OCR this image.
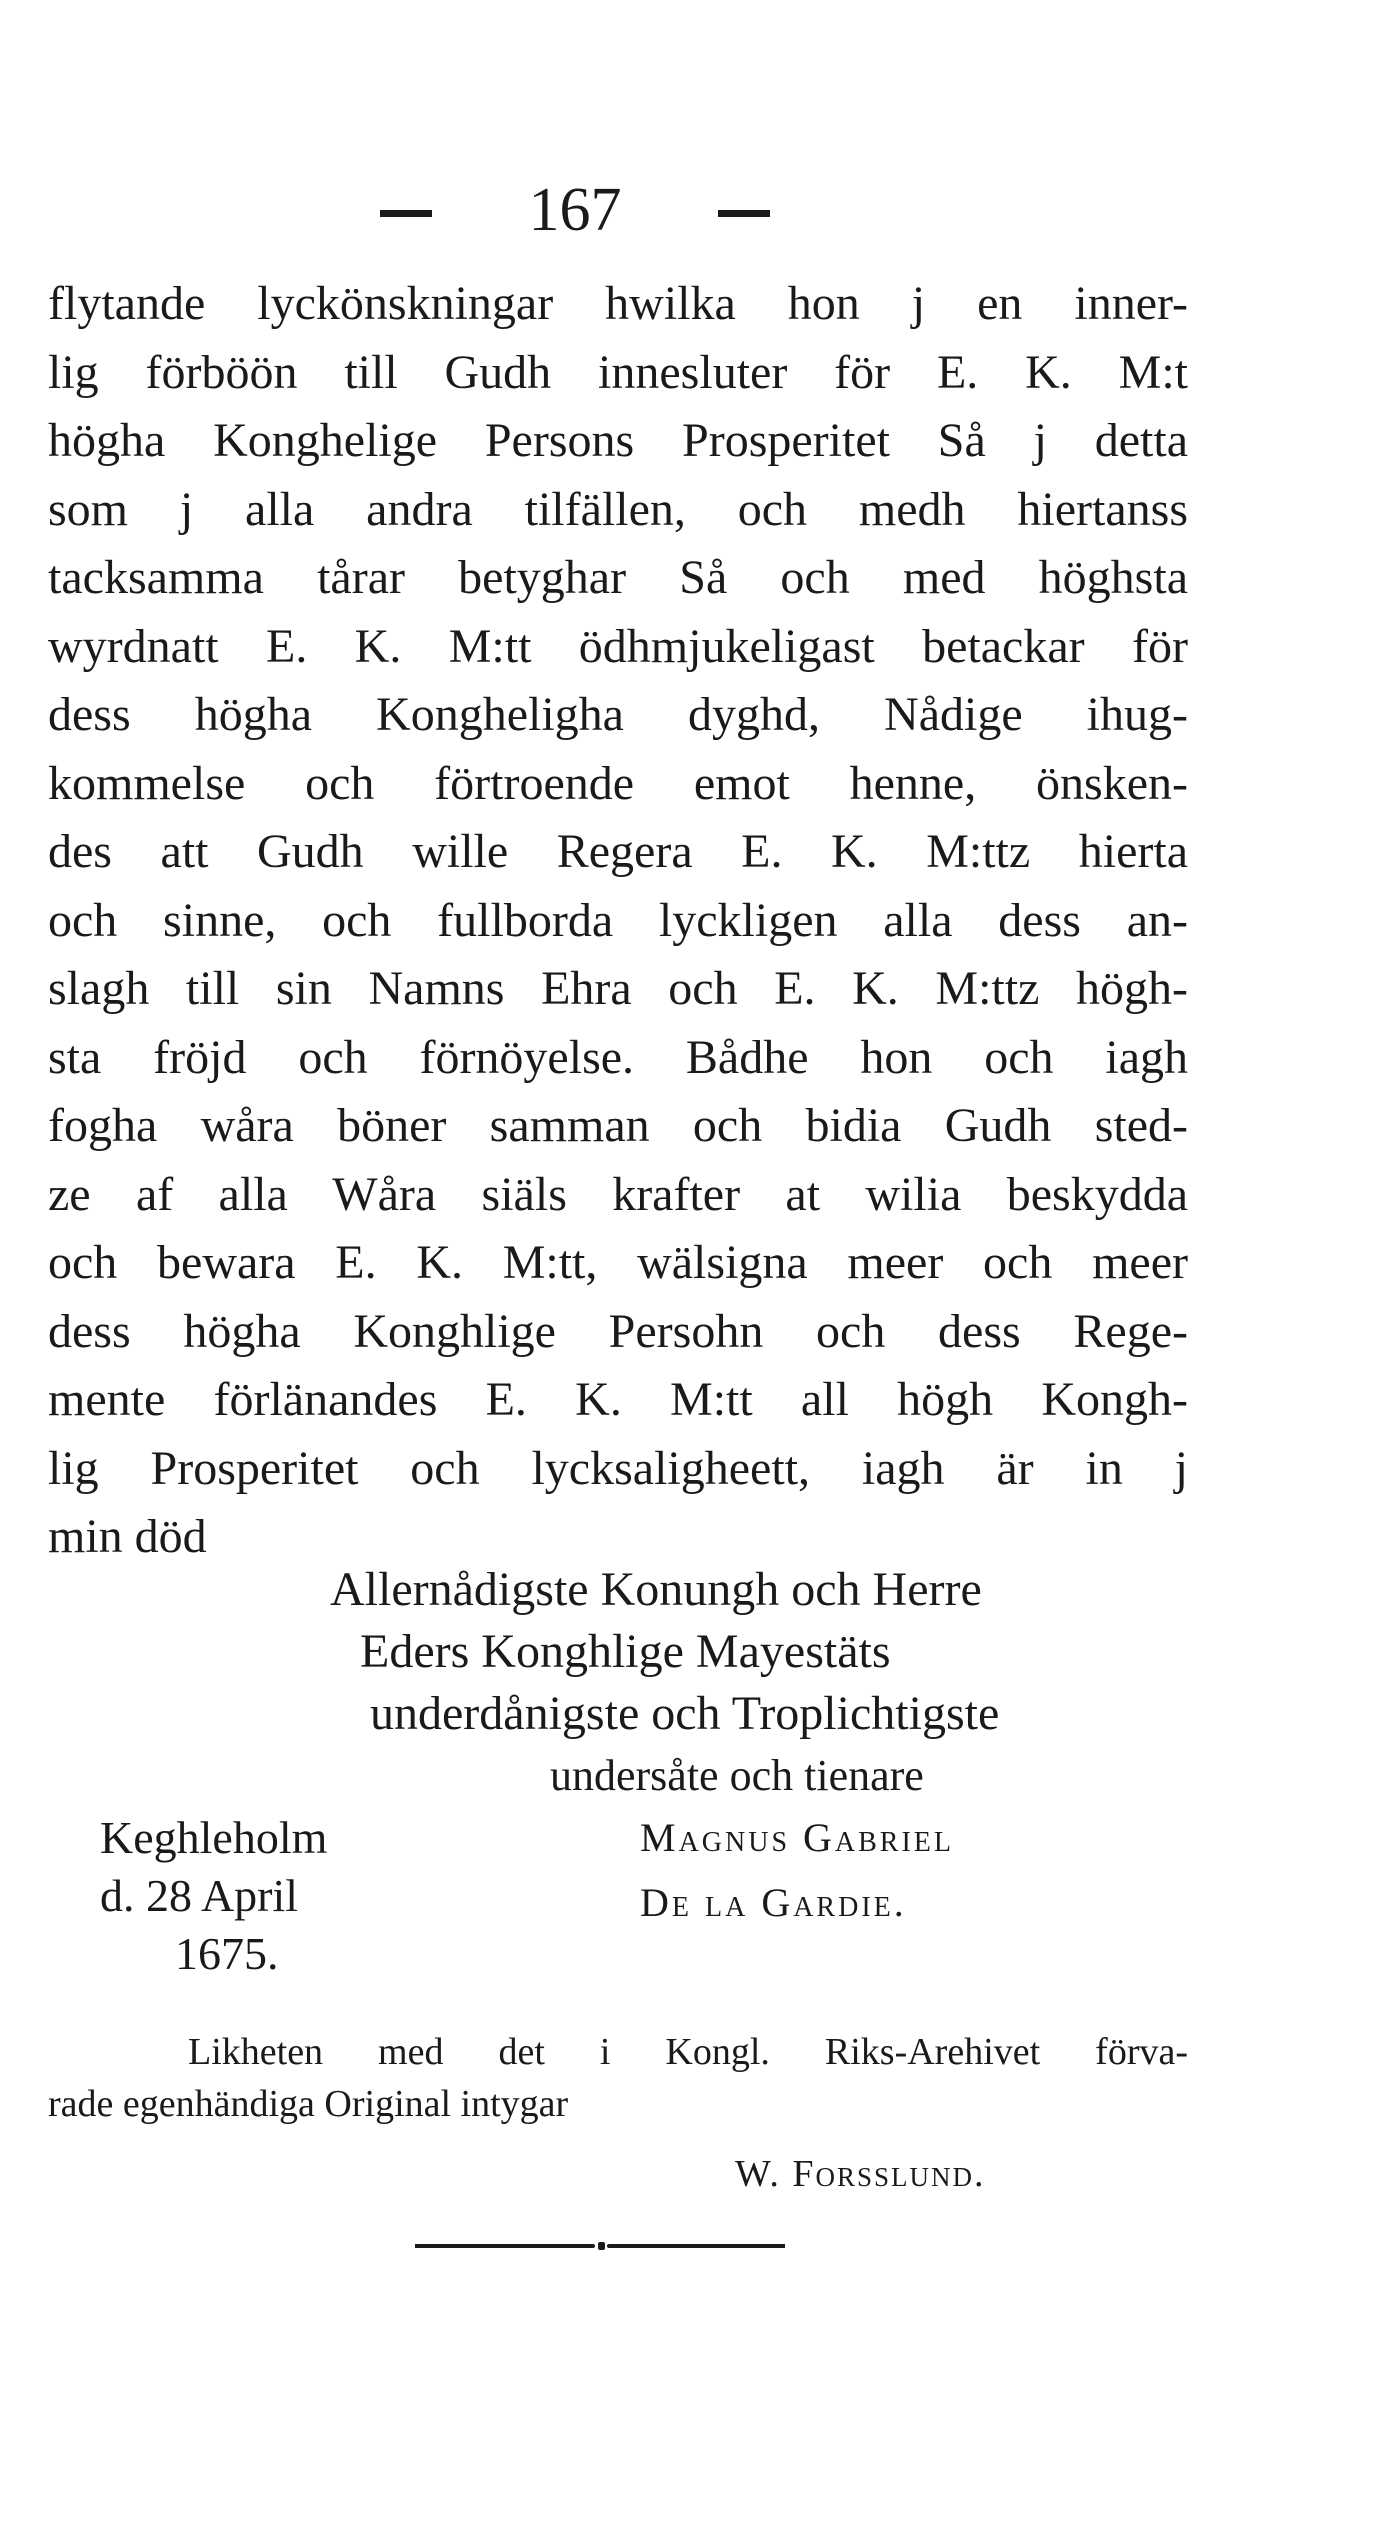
167
flytande lyckönskningar hwilka hon j en inner-
lig förböön till Gudh innesluter för E. K. M:t
högha Konghelige Persons Prosperitet Så j detta
som j alla andra tilfällen, och medh hiertanss
tacksamma tårar betyghar Så och med höghsta
wyrdnatt E. K. M:tt ödhmjukeligast betackar för
dess högha Kongheligha dyghd, Nådige ihug-
kommelse och förtroende emot henne, önsken-
des att Gudh wille Regera E. K. M:ttz hierta
och sinne, och fullborda lyckligen alla dess an-
slagh till sin Namns Ehra och E. K. M:ttz högh-
sta fröjd och förnöyelse. Bådhe hon och iagh
fogha wåra böner samman och bidia Gudh sted-
ze af alla Wåra siäls krafter at wilia beskydda
och bewara E. K. M:tt, wälsigna meer och meer
dess högha Konghlige Persohn och dess Rege-
mente förlänandes E. K. M:tt all högh Kongh-
lig Prosperitet och lycksaligheett, iagh är in j
min död
Allernådigste Konungh och Herre
Eders Konghlige Mayestäts
underdånigste och Troplichtigste
undersåte och tienare
Keghleholm	Magnus Gabriel
d. 28 April	De la Gardie.
1675.
Likheten med det i Kongl. Riks-Arehivet förva-
rade egenhändiga Original intygar
W. Forsslund.
